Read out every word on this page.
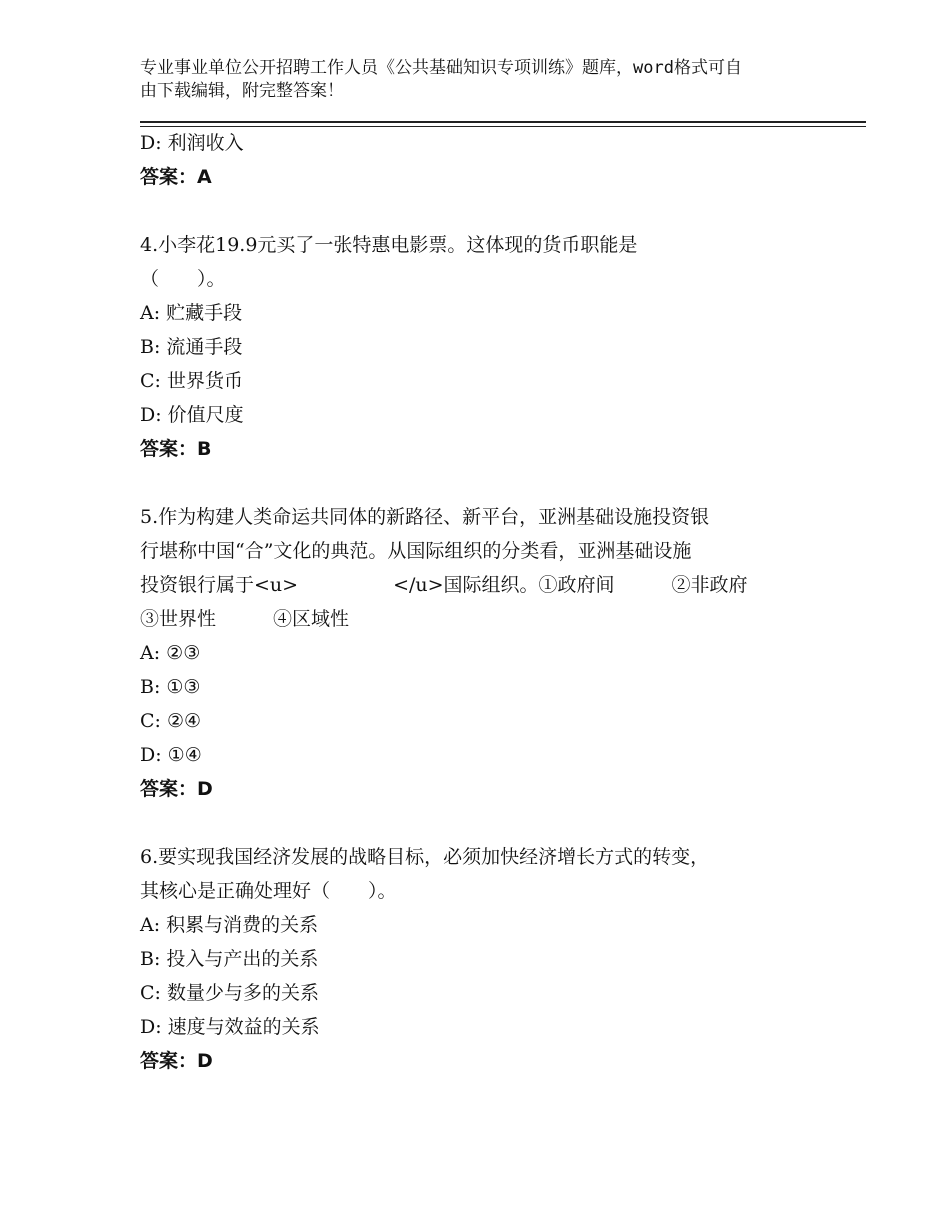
专业事业单位公开招聘工作人员《公共基础知识专项训练》题库，word格式可自
由下载编辑，附完整答案！
D: 利润收入
答案：A
4.小李花19.9元买了一张特惠电影票。这体现的货币职能是
（　　）。
A: 贮藏手段
B: 流通手段
C: 世界货币
D: 价值尺度
答案：B
5.作为构建人类命运共同体的新路径、新平台，亚洲基础设施投资银
行堪称中国“合”文化的典范。从国际组织的分类看，亚洲基础设施
投资银行属于<u>　　　　　</u>国际组织。①政府间　　　②非政府
③世界性　　　④区域性
A: ②③
B: ①③
C: ②④
D: ①④
答案：D
6.要实现我国经济发展的战略目标，必须加快经济增长方式的转变，
其核心是正确处理好（　　）。
A: 积累与消费的关系
B: 投入与产出的关系
C: 数量少与多的关系
D: 速度与效益的关系
答案：D
